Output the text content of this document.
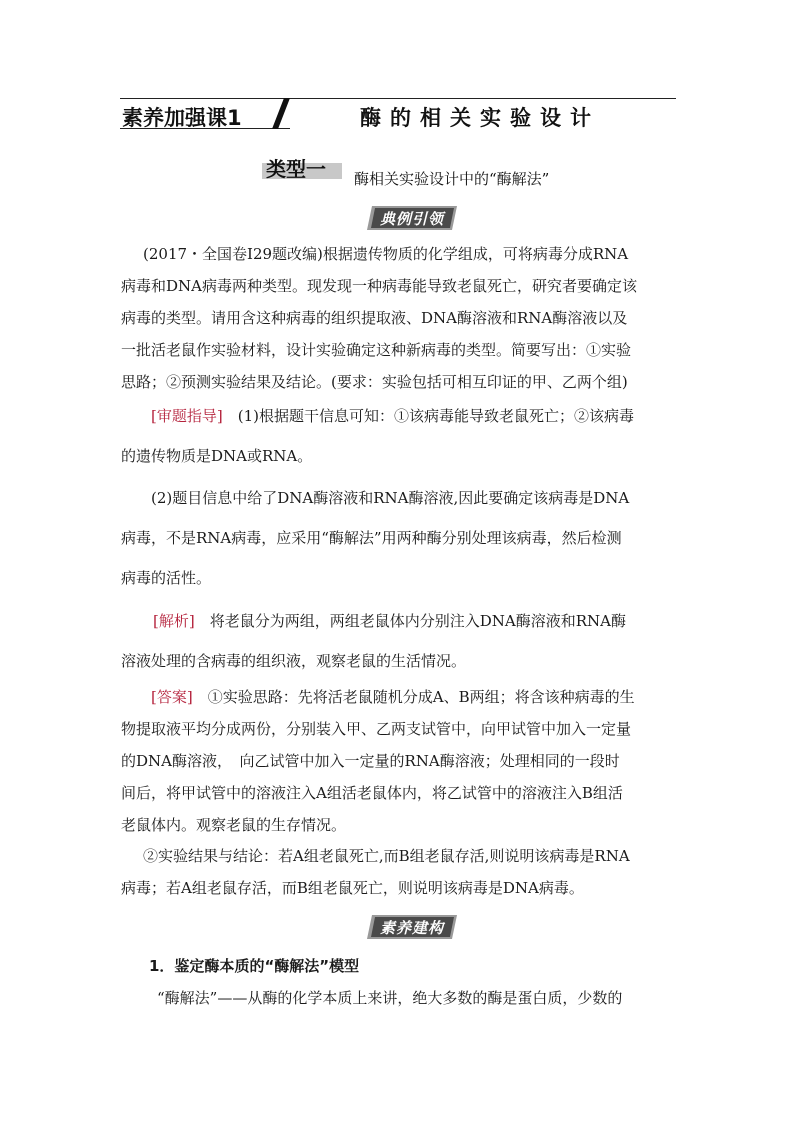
素养加强课1	酶的相关实验设计
类型一 酶相关实验设计中的“酶解法”
典例引领
(2017・全国卷Ⅰ29题改编)根据遗传物质的化学组成，可将病毒分成RNA
病毒和DNA病毒两种类型。现发现一种病毒能导致老鼠死亡，研究者要确定该
病毒的类型。请用含这种病毒的组织提取液、DNA酶溶液和RNA酶溶液以及
一批活老鼠作实验材料，设计实验确定这种新病毒的类型。简要写出：①实验
思路；②预测实验结果及结论。(要求：实验包括可相互印证的甲、乙两个组)
[审题指导]　 (1)根据题干信息可知：①该病毒能导致老鼠死亡；②该病毒
的遗传物质是DNA或RNA。
(2)题目信息中给了DNA酶溶液和RNA酶溶液,因此要确定该病毒是DNA
病毒，不是RNA病毒，应采用“酶解法”用两种酶分别处理该病毒，然后检测
病毒的活性。
[解析]　 将老鼠分为两组，两组老鼠体内分别注入DNA酶溶液和RNA酶
溶液处理的含病毒的组织液，观察老鼠的生活情况。
[答案]　 ①实验思路：先将活老鼠随机分成A、B两组；将含该种病毒的生
物提取液平均分成两份，分别装入甲、乙两支试管中，向甲试管中加入一定量
的DNA酶溶液，　向乙试管中加入一定量的RNA酶溶液；处理相同的一段时
间后，将甲试管中的溶液注入A组活老鼠体内，将乙试管中的溶液注入B组活
老鼠体内。观察老鼠的生存情况。
②实验结果与结论：若A组老鼠死亡,而B组老鼠存活,则说明该病毒是RNA
病毒；若A组老鼠存活，而B组老鼠死亡，则说明该病毒是DNA病毒。
素养建构
1．鉴定酶本质的“酶解法”模型
“酶解法”——从酶的化学本质上来讲，绝大多数的酶是蛋白质，少数的
